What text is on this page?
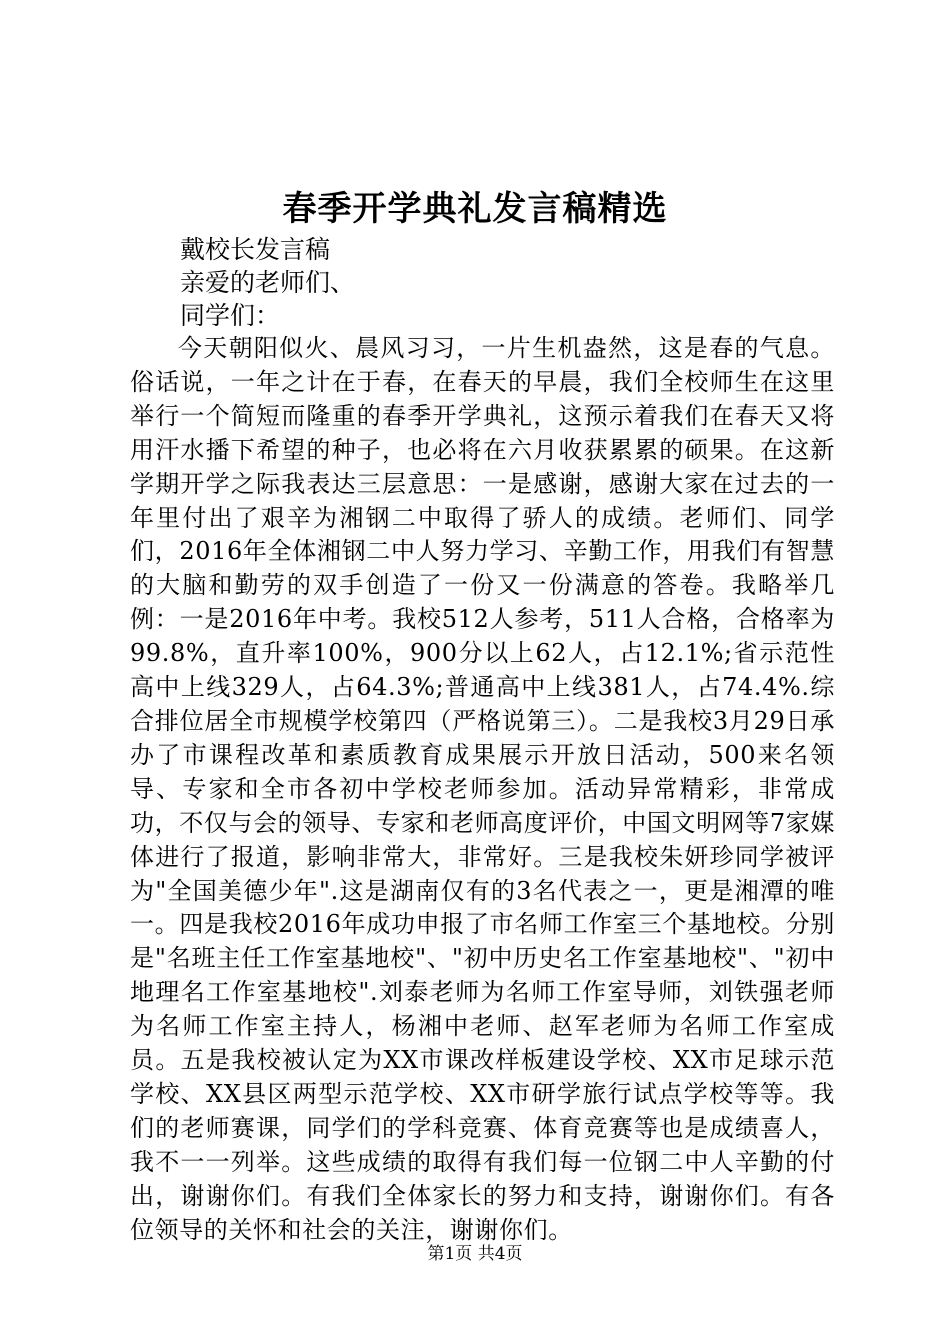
春季开学典礼发言稿精选
戴校长发言稿
亲爱的老师们、
同学们：

今天朝阳似火、晨风习习，一片生机盎然，这是春的气息。俗话说，一年之计在于春，在春天的早晨，我们全校师生在这里举行一个简短而隆重的春季开学典礼，这预示着我们在春天又将用汗水播下希望的种子，也必将在六月收获累累的硕果。在这新学期开学之际我表达三层意思：一是感谢，感谢大家在过去的一年里付出了艰辛为湘钢二中取得了骄人的成绩。老师们、同学们，2016年全体湘钢二中人努力学习、辛勤工作，用我们有智慧的大脑和勤劳的双手创造了一份又一份满意的答卷。我略举几例：一是2016年中考。我校512人参考，511人合格，合格率为99.8%，直升率100%，900分以上62人，占12.1%;省示范性高中上线329人，占64.3%;普通高中上线381人，占74.4%.综合排位居全市规模学校第四（严格说第三）。二是我校3月29日承办了市课程改革和素质教育成果展示开放日活动，500来名领导、专家和全市各初中学校老师参加。活动异常精彩，非常成功，不仅与会的领导、专家和老师高度评价，中国文明网等7家媒体进行了报道，影响非常大，非常好。三是我校朱妍珍同学被评为"全国美德少年".这是湖南仅有的3名代表之一，更是湘潭的唯一。四是我校2016年成功申报了市名师工作室三个基地校。分别是"名班主任工作室基地校"、"初中历史名工作室基地校"、"初中地理名工作室基地校".刘泰老师为名师工作室导师，刘铁强老师为名师工作室主持人，杨湘中老师、赵军老师为名师工作室成员。五是我校被认定为XX市课改样板建设学校、XX市足球示范学校、XX县区两型示范学校、XX市研学旅行试点学校等等。我们的老师赛课，同学们的学科竞赛、体育竞赛等也是成绩喜人，我不一一列举。这些成绩的取得有我们每一位钢二中人辛勤的付出，谢谢你们。有我们全体家长的努力和支持，谢谢你们。有各位领导的关怀和社会的关注，谢谢你们。

第1页 共4页
